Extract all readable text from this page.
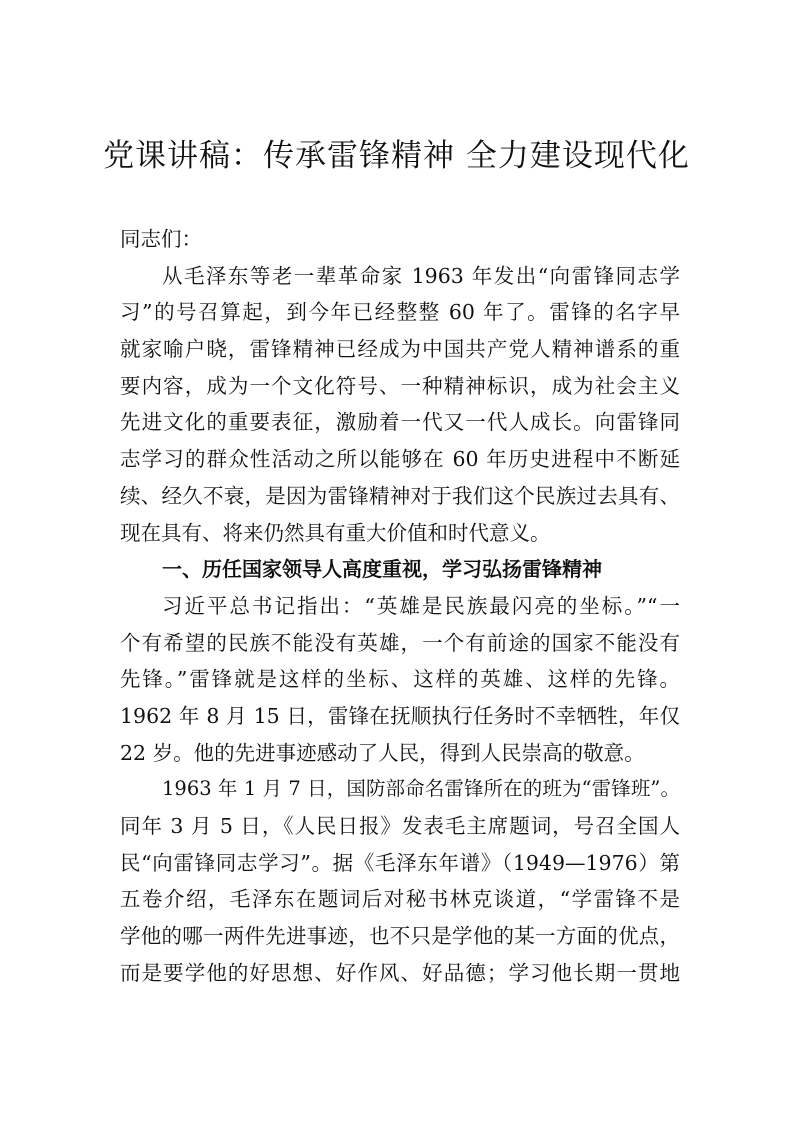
党课讲稿：传承雷锋精神 全力建设现代化
同志们：
从毛泽东等老一辈革命家 1963 年发出“向雷锋同志学
习”的号召算起，到今年已经整整 60 年了。雷锋的名字早
就家喻户晓，雷锋精神已经成为中国共产党人精神谱系的重
要内容，成为一个文化符号、一种精神标识，成为社会主义
先进文化的重要表征，激励着一代又一代人成长。向雷锋同
志学习的群众性活动之所以能够在 60 年历史进程中不断延
续、经久不衰，是因为雷锋精神对于我们这个民族过去具有、
现在具有、将来仍然具有重大价值和时代意义。
一、历任国家领导人高度重视，学习弘扬雷锋精神
习近平总书记指出：“英雄是民族最闪亮的坐标。”“一
个有希望的民族不能没有英雄，一个有前途的国家不能没有
先锋。”雷锋就是这样的坐标、这样的英雄、这样的先锋。
1962 年 8 月 15 日，雷锋在抚顺执行任务时不幸牺牲，年仅
22 岁。他的先进事迹感动了人民，得到人民崇高的敬意。
1963 年 1 月 7 日，国防部命名雷锋所在的班为“雷锋班”。
同年 3 月 5 日，《人民日报》发表毛主席题词，号召全国人
民“向雷锋同志学习”。据《毛泽东年谱》（1949—1976）第
五卷介绍，毛泽东在题词后对秘书林克谈道，“学雷锋不是
学他的哪一两件先进事迹，也不只是学他的某一方面的优点，
而是要学他的好思想、好作风、好品德；学习他长期一贯地
